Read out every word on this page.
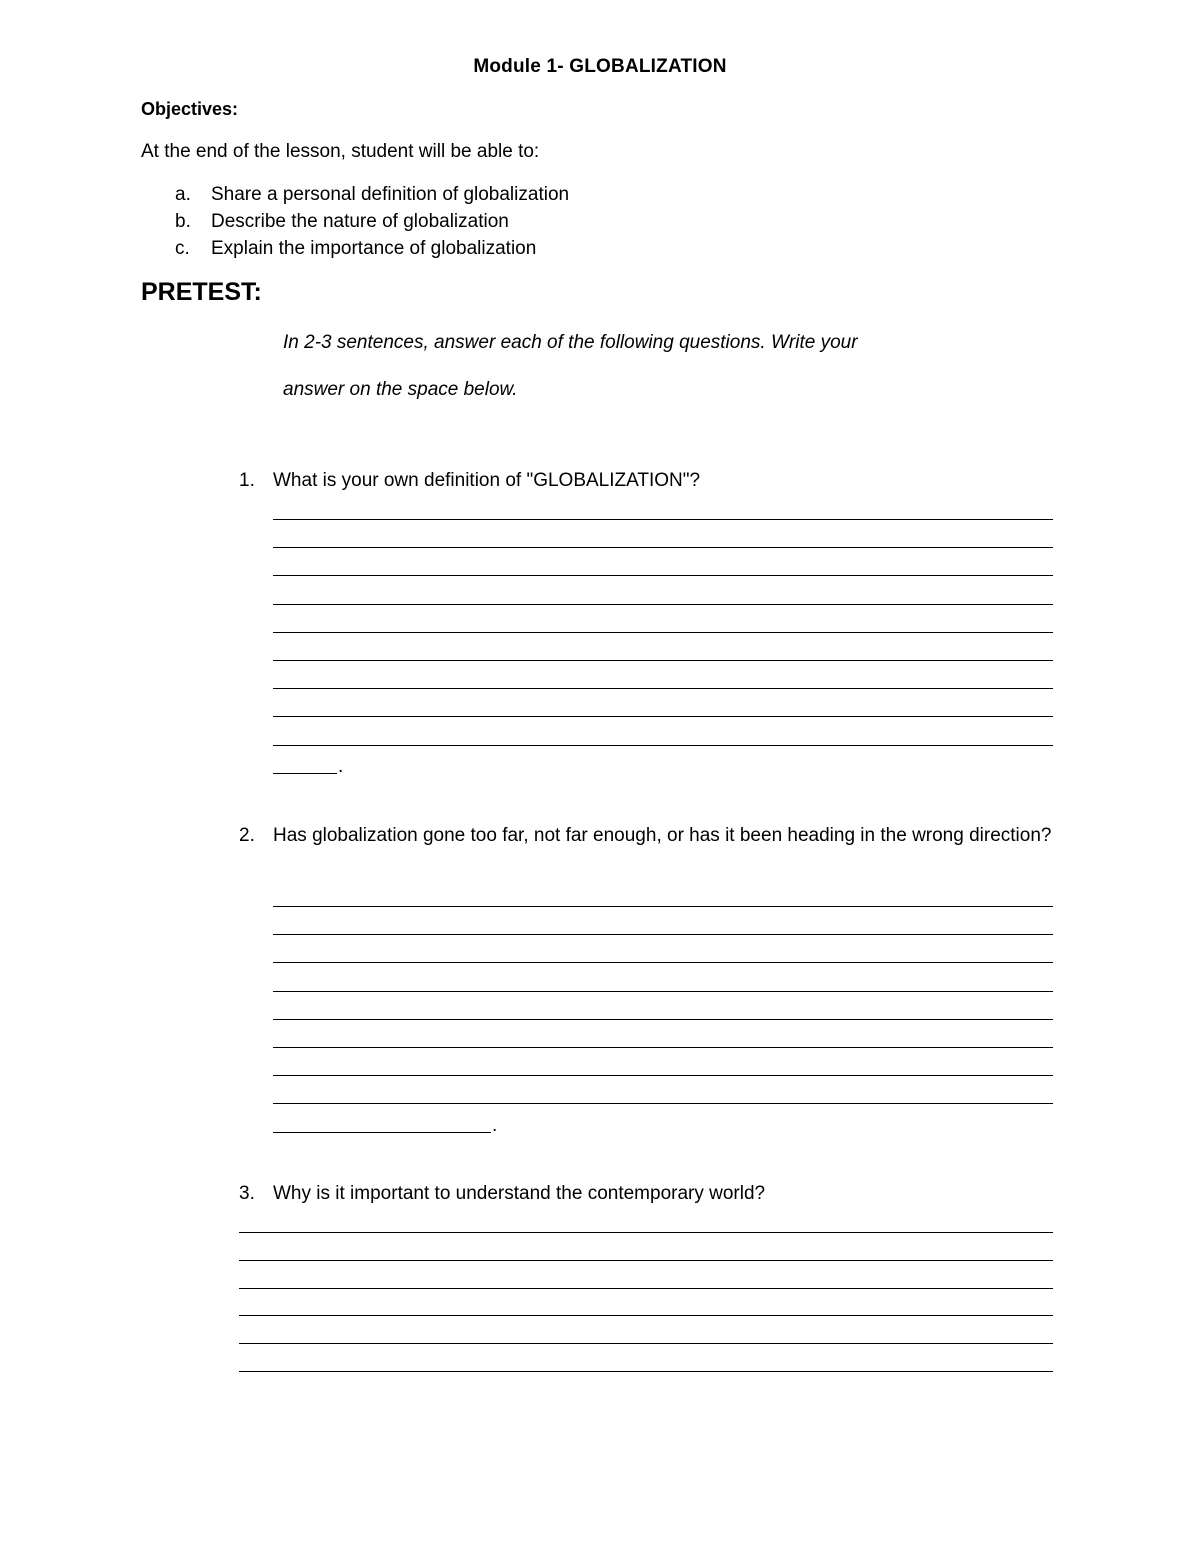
Module 1- GLOBALIZATION
Objectives:
At the end of the lesson, student will be able to:
a. Share a personal definition of globalization
b. Describe the nature of globalization
c. Explain the importance of globalization
PRETEST:
In 2-3 sentences, answer each of the following questions. Write your
answer on the space below.
1. What is your own definition of "GLOBALIZATION"?
.
2. Has globalization gone too far, not far enough, or has it been heading in the wrong direction?
.
3. Why is it important to understand the contemporary world?
